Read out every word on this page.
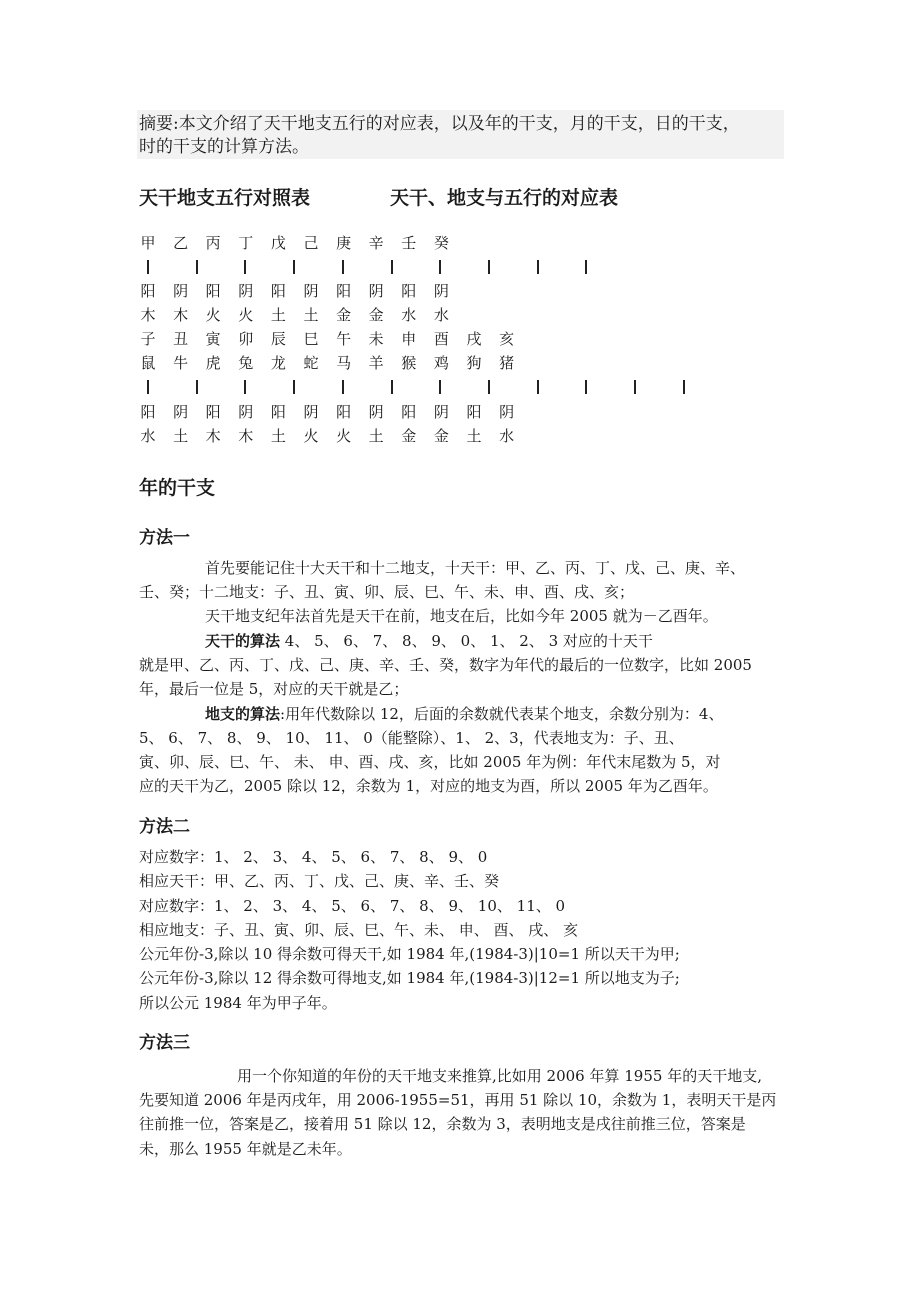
摘要:本文介绍了天干地支五行的对应表，以及年的干支，月的干支，日的干支，
时的干支的计算方法。
天干地支五行对照表	天干、地支与五行的对应表
甲 乙 丙 丁 戊 己 庚 辛 壬 癸
阳 阴 阳 阴 阳 阴 阳 阴 阳 阴
木 木 火 火 土 土 金 金 水 水
子 丑 寅 卯 辰 巳 午 未 申 酉 戌 亥
鼠 牛 虎 兔 龙 蛇 马 羊 猴 鸡 狗 猪
阳 阴 阳 阴 阳 阴 阳 阴 阳 阴 阳 阴
水 土 木 木 土 火 火 土 金 金 土 水
年的干支
方法一
首先要能记住十大天干和十二地支，十天干：甲、乙、丙、丁、戊、己、庚、辛、
壬、癸；十二地支：子、丑、寅、卯、辰、巳、午、未、申、酉、戌、亥；
天干地支纪年法首先是天干在前，地支在后，比如今年 2005 就为－乙酉年。
天干的算法 4、 5、 6、 7、 8、 9、 0、 1、 2、 3 对应的十天干
就是甲、乙、丙、丁、戊、己、庚、辛、壬、癸，数字为年代的最后的一位数字，比如 2005
年，最后一位是 5，对应的天干就是乙；
地支的算法:用年代数除以 12，后面的余数就代表某个地支，余数分别为：4、
5、 6、 7、 8、 9、 10、 11、 0（能整除）、1、 2、3，代表地支为：子、丑、
寅、卯、辰、巳、午、 未、 申、酉、戌、亥，比如 2005 年为例：年代末尾数为 5，对
应的天干为乙，2005 除以 12，余数为 1，对应的地支为酉，所以 2005 年为乙酉年。
方法二
对应数字：1、 2、 3、 4、 5、 6、 7、 8、 9、 0
相应天干：甲、乙、丙、丁、戊、己、庚、辛、壬、癸
对应数字：1、 2、 3、 4、 5、 6、 7、 8、 9、 10、 11、 0
相应地支：子、丑、寅、卯、辰、巳、午、未、 申、 酉、 戌、 亥
公元年份-3,除以 10 得余数可得天干,如 1984 年,(1984-3)|10=1 所以天干为甲;
公元年份-3,除以 12 得余数可得地支,如 1984 年,(1984-3)|12=1 所以地支为子;
所以公元 1984 年为甲子年。
方法三
用一个你知道的年份的天干地支来推算,比如用 2006 年算 1955 年的天干地支,
先要知道 2006 年是丙戌年，用 2006-1955=51，再用 51 除以 10，余数为 1，表明天干是丙
往前推一位，答案是乙，接着用 51 除以 12，余数为 3，表明地支是戌往前推三位，答案是
未，那么 1955 年就是乙未年。
